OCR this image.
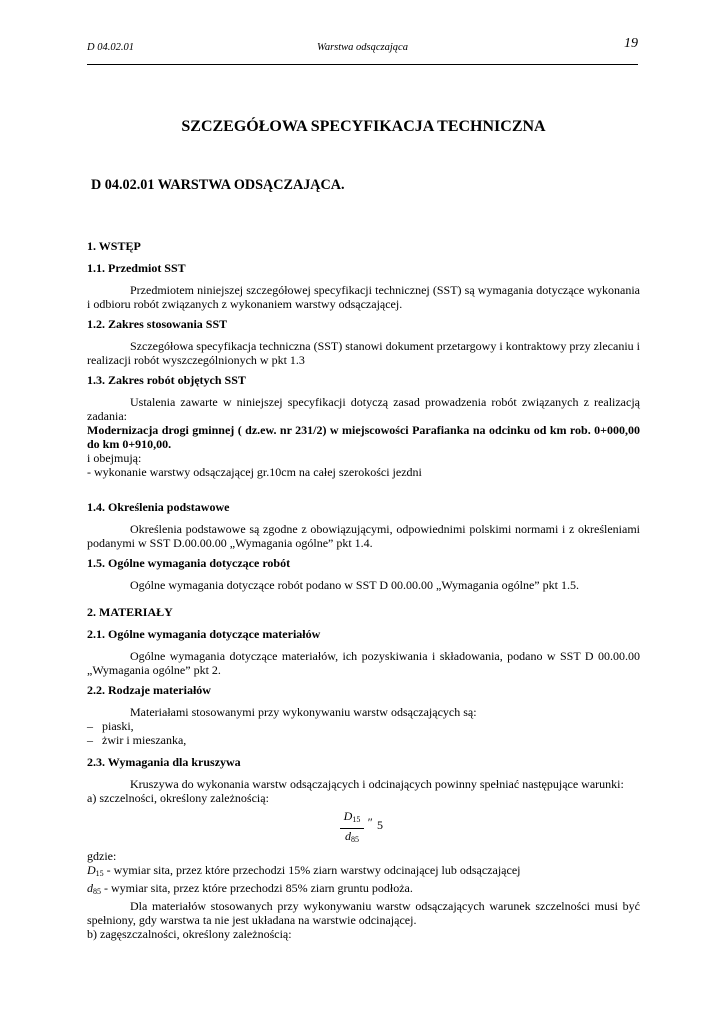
D 04.02.01	Warstwa odsączająca	19

SZCZEGÓŁOWA SPECYFIKACJA TECHNICZNA

D 04.02.01 WARSTWA ODSĄCZAJĄCA.

1. WSTĘP

1.1. Przedmiot SST

Przedmiotem niniejszej szczegółowej specyfikacji technicznej (SST) są wymagania dotyczące wykonania i odbioru robót związanych z wykonaniem warstwy odsączającej.

1.2. Zakres stosowania SST

Szczegółowa specyfikacja techniczna (SST) stanowi dokument przetargowy i kontraktowy przy zlecaniu i realizacji robót wyszczególnionych w pkt 1.3

1.3. Zakres robót objętych SST

Ustalenia zawarte w niniejszej specyfikacji dotyczą zasad prowadzenia robót związanych z realizacją zadania:

Modernizacja drogi gminnej ( dz.ew. nr 231/2) w miejscowości Parafianka na odcinku od km rob. 0+000,00 do km 0+910,00.

i obejmują:

- wykonanie warstwy odsączającej gr.10cm na całej szerokości jezdni

1.4. Określenia podstawowe

Określenia podstawowe są zgodne z obowiązującymi, odpowiednimi polskimi normami i z określeniami podanymi w SST D.00.00.00 „Wymagania ogólne” pkt 1.4.

1.5. Ogólne wymagania dotyczące robót

Ogólne wymagania dotyczące robót podano w SST D 00.00.00 „Wymagania ogólne” pkt 1.5.

2. MATERIAŁY

2.1. Ogólne wymagania dotyczące materiałów

Ogólne wymagania dotyczące materiałów, ich pozyskiwania i składowania, podano w SST D 00.00.00 „Wymagania ogólne” pkt 2.

2.2. Rodzaje materiałów

Materiałami stosowanymi przy wykonywaniu warstw odsączających są:

– piaski,

– żwir i mieszanka,

2.3. Wymagania dla kruszywa

Kruszywa do wykonania warstw odsączających i odcinających powinny spełniać następujące warunki:

a) szczelności, określony zależnością:

$\frac{D_{15}}{d_{85}}$ ″ 5

gdzie:

$D_{15}$ - wymiar sita, przez które przechodzi 15% ziarn warstwy odcinającej lub odsączającej

$d_{85}$ - wymiar sita, przez które przechodzi 85% ziarn gruntu podłoża.

Dla materiałów stosowanych przy wykonywaniu warstw odsączających warunek szczelności musi być spełniony, gdy warstwa ta nie jest układana na warstwie odcinającej.

b) zagęszczalności, określony zależnością:
